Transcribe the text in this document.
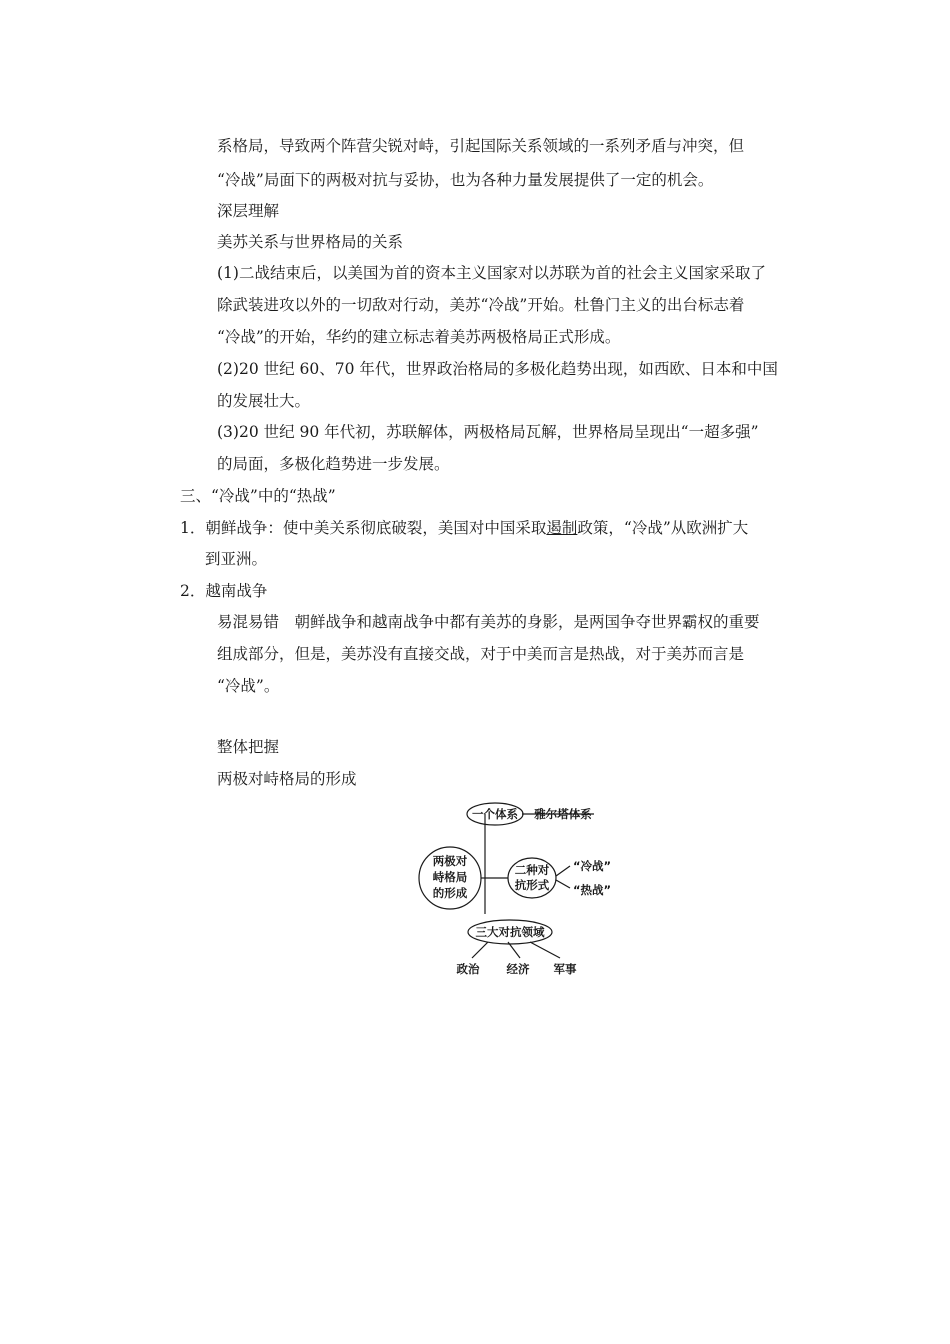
系格局，导致两个阵营尖锐对峙，引起国际关系领域的一系列矛盾与冲突，但
“冷战”局面下的两极对抗与妥协，也为各种力量发展提供了一定的机会。
深层理解
美苏关系与世界格局的关系
(1)二战结束后，以美国为首的资本主义国家对以苏联为首的社会主义国家采取了
除武装进攻以外的一切敌对行动，美苏“冷战”开始。杜鲁门主义的出台标志着
“冷战”的开始，华约的建立标志着美苏两极格局正式形成。
(2)20 世纪 60、70 年代，世界政治格局的多极化趋势出现，如西欧、日本和中国
的发展壮大。
(3)20 世纪 90 年代初，苏联解体，两极格局瓦解，世界格局呈现出“一超多强”
的局面，多极化趋势进一步发展。
三、“冷战”中的“热战”
1．朝鲜战争：使中美关系彻底破裂，美国对中国采取遏制政策，“冷战”从欧洲扩大
到亚洲。
2．越南战争
易混易错　朝鲜战争和越南战争中都有美苏的身影，是两国争夺世界霸权的重要
组成部分，但是，美苏没有直接交战，对于中美而言是热战，对于美苏而言是
“冷战”。
整体把握
两极对峙格局的形成
两极对
峙格局
的形成
一个体系 雅尔塔体系
二种对
抗形式
“冷战”
“热战”
三大对抗领域
政治 经济 军事
